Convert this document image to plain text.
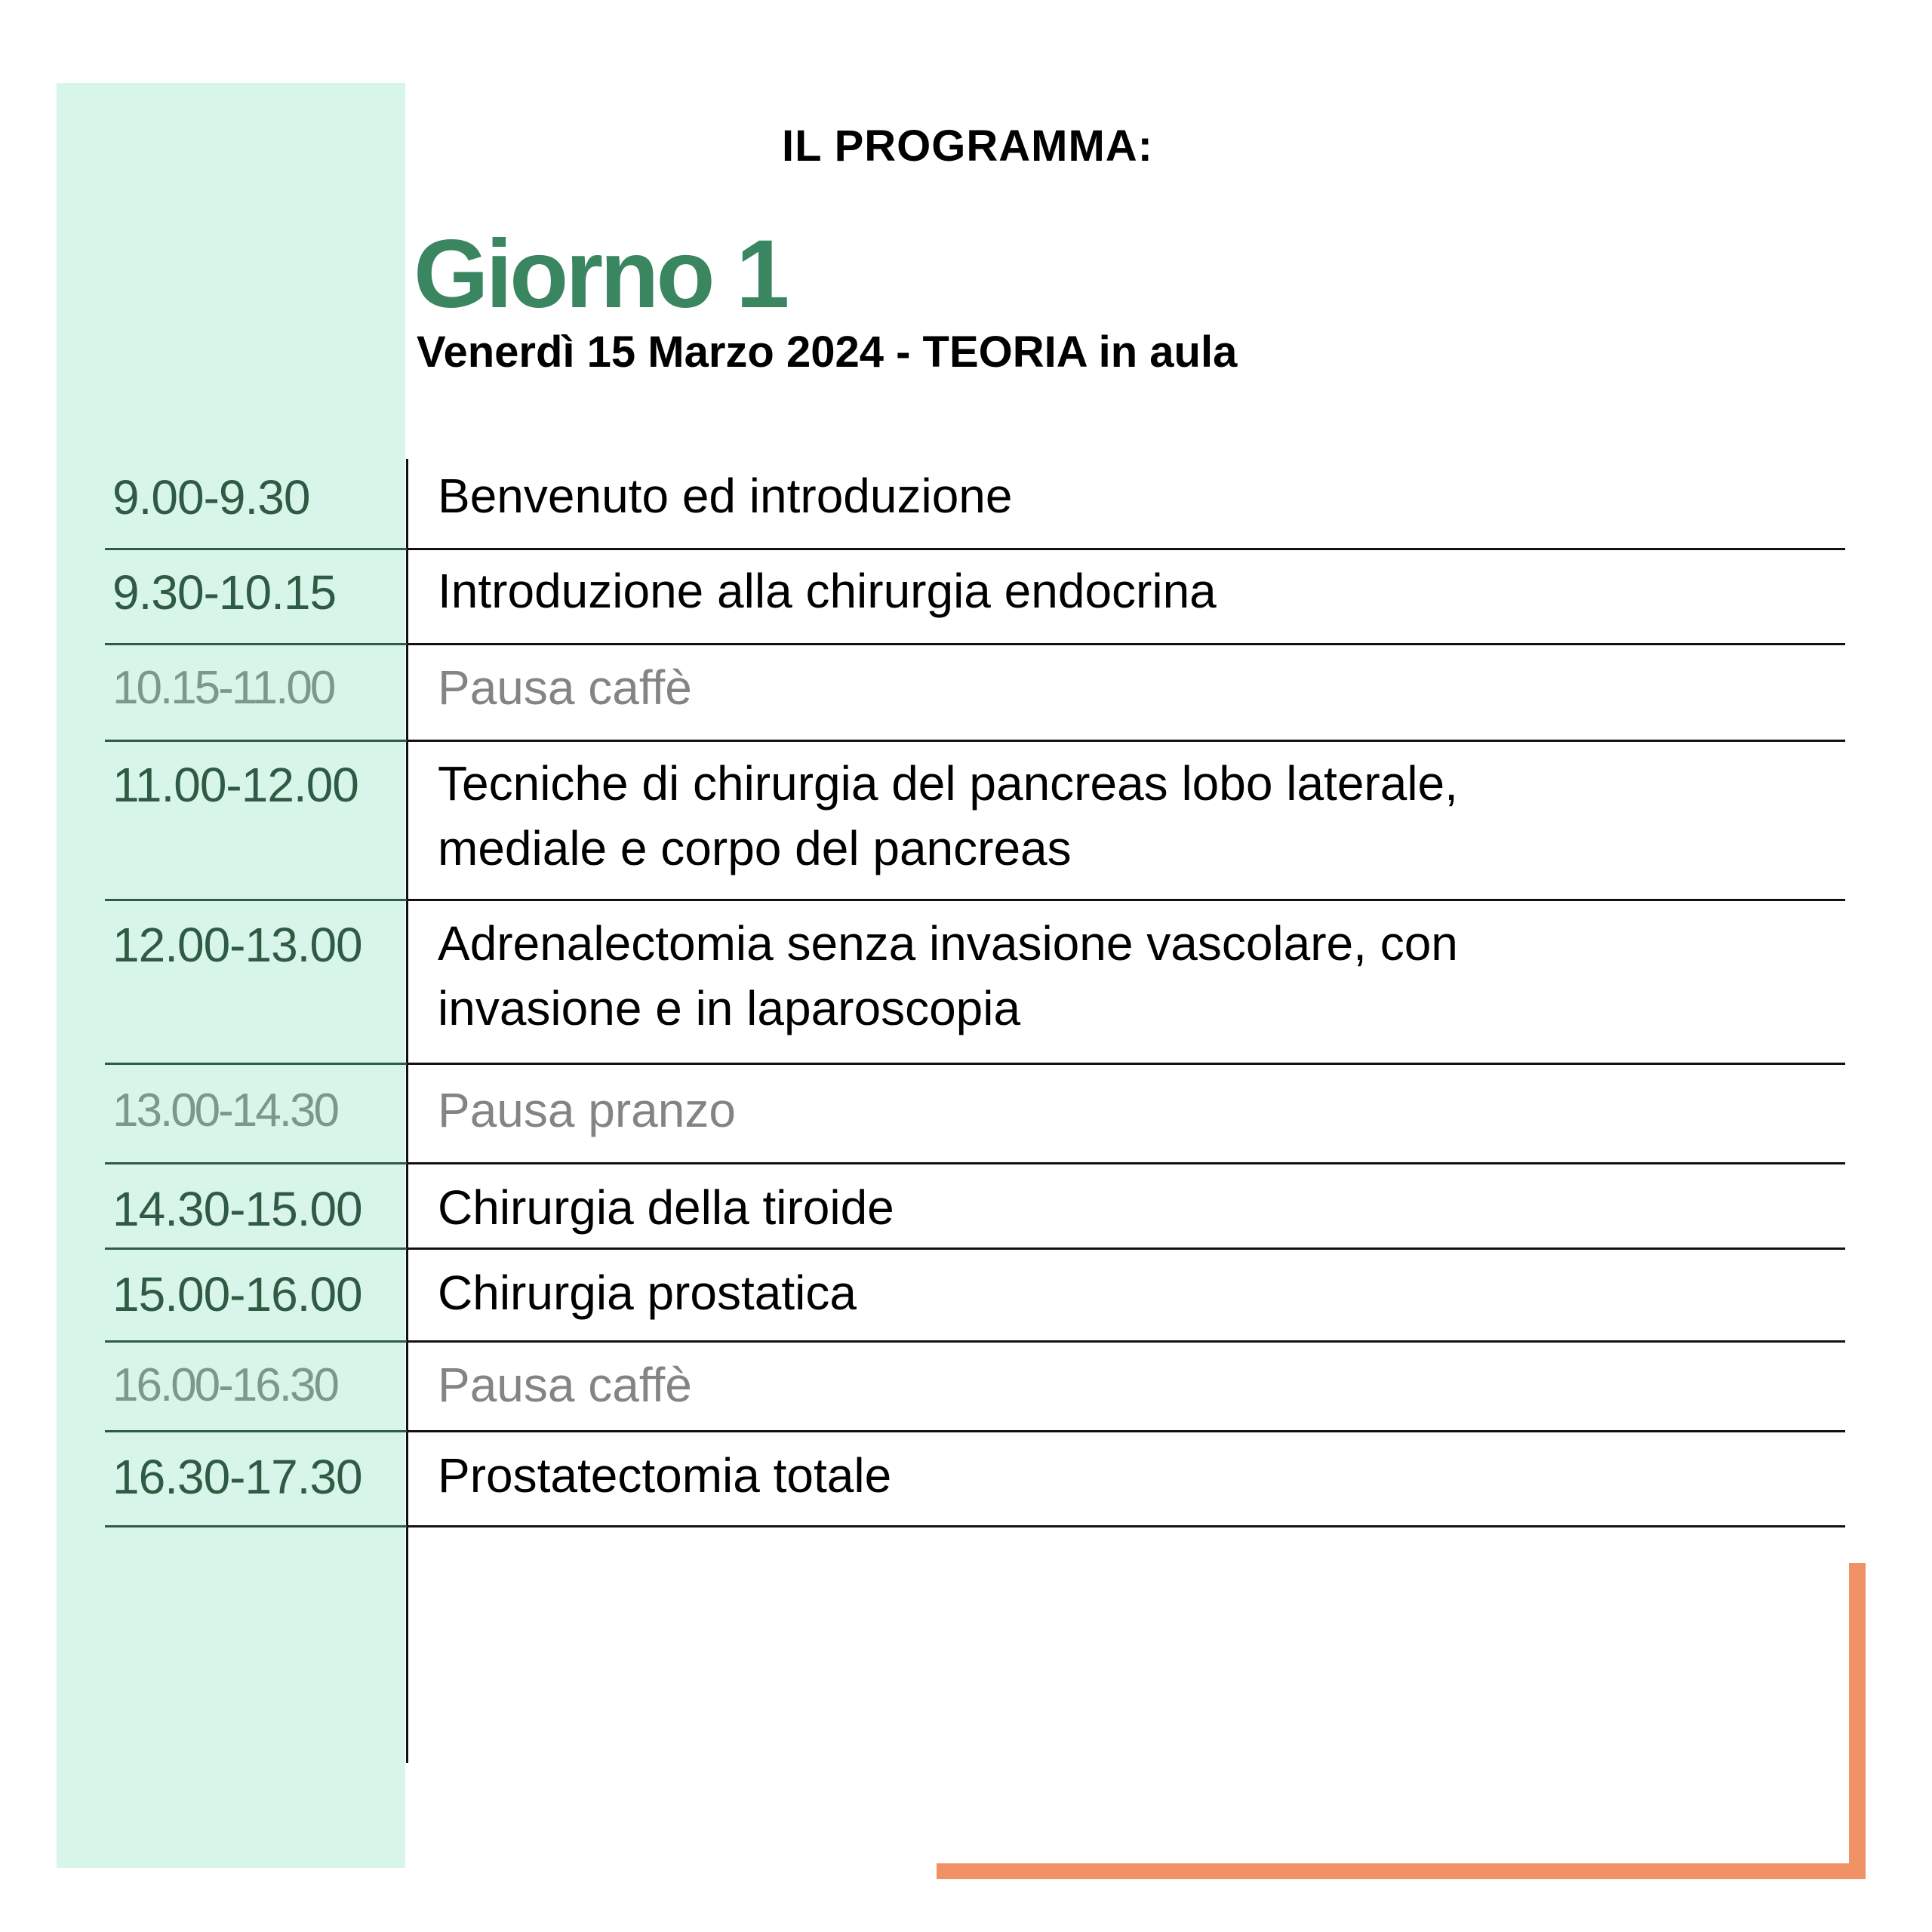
IL PROGRAMMA:
Giorno 1
Venerdì 15 Marzo 2024 - TEORIA in aula
9.00-9.30	Benvenuto ed introduzione
9.30-10.15 Introduzione alla chirurgia endocrina
10.15-11.00 Pausa caffè
11.00-12.00 Tecniche di chirurgia del pancreas lobo laterale,
mediale e corpo del pancreas
12.00-13.00 Adrenalectomia senza invasione vascolare, con
invasione e in laparoscopia
13.00-14.30 Pausa pranzo
14.30-15.00 Chirurgia della tiroide
15.00-16.00 Chirurgia prostatica
16.00-16.30 Pausa caffè
16.30-17.30 Prostatectomia totale
